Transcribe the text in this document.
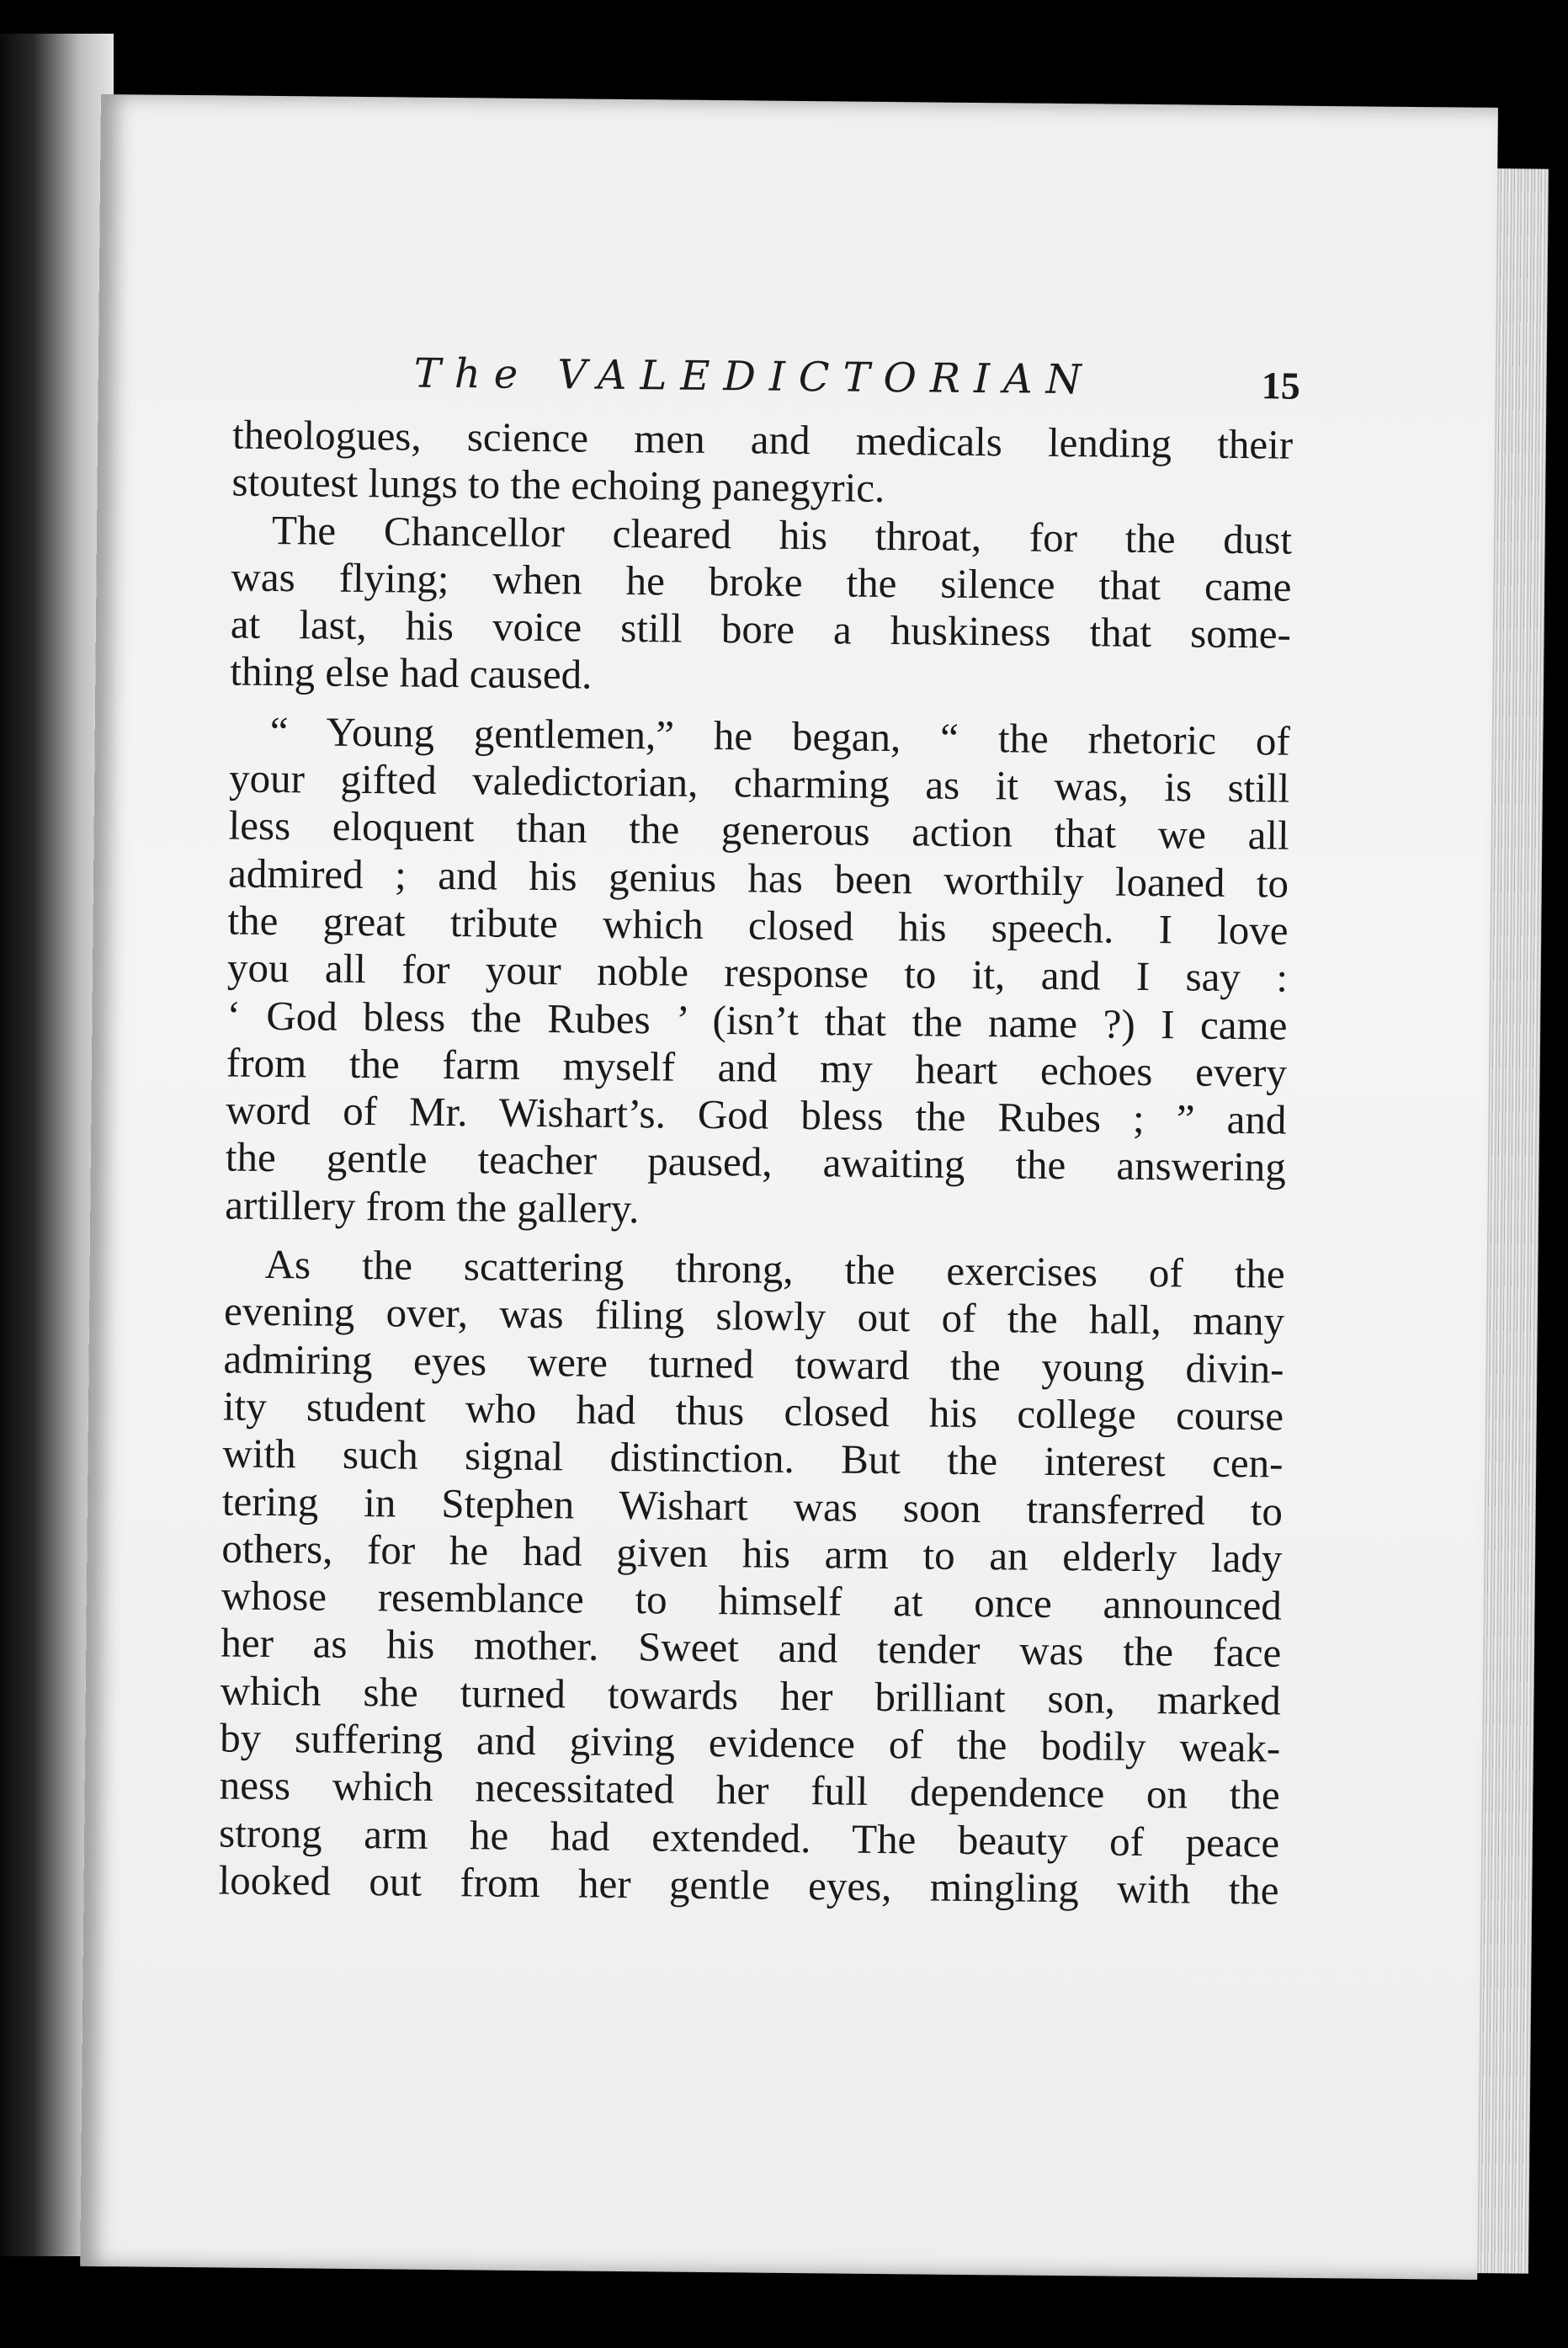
The VALEDICTORIAN	15
theologues, science men and medicals lending their
stoutest lungs to the echoing panegyric.
The Chancellor cleared his throat, for the dust
was flying; when he broke the silence that came
at last, his voice still bore a huskiness that some-
thing else had caused.
“ Young gentlemen,” he began, “ the rhetoric of
your gifted valedictorian, charming as it was, is still
less eloquent than the generous action that we all
admired ; and his genius has been worthily loaned to
the great tribute which closed his speech. I love
you all for your noble response to it, and I say :
‘ God bless the Rubes ’ (isn’t that the name ?) I came
from the farm myself and my heart echoes every
word of Mr. Wishart’s. God bless the Rubes ; ” and
the gentle teacher paused, awaiting the answering
artillery from the gallery.
As the scattering throng, the exercises of the
evening over, was filing slowly out of the hall, many
admiring eyes were turned toward the young divin-
ity student who had thus closed his college course
with such signal distinction. But the interest cen-
tering in Stephen Wishart was soon transferred to
others, for he had given his arm to an elderly lady
whose resemblance to himself at once announced
her as his mother. Sweet and tender was the face
which she turned towards her brilliant son, marked
by suffering and giving evidence of the bodily weak-
ness which necessitated her full dependence on the
strong arm he had extended. The beauty of peace
looked out from her gentle eyes, mingling with the
